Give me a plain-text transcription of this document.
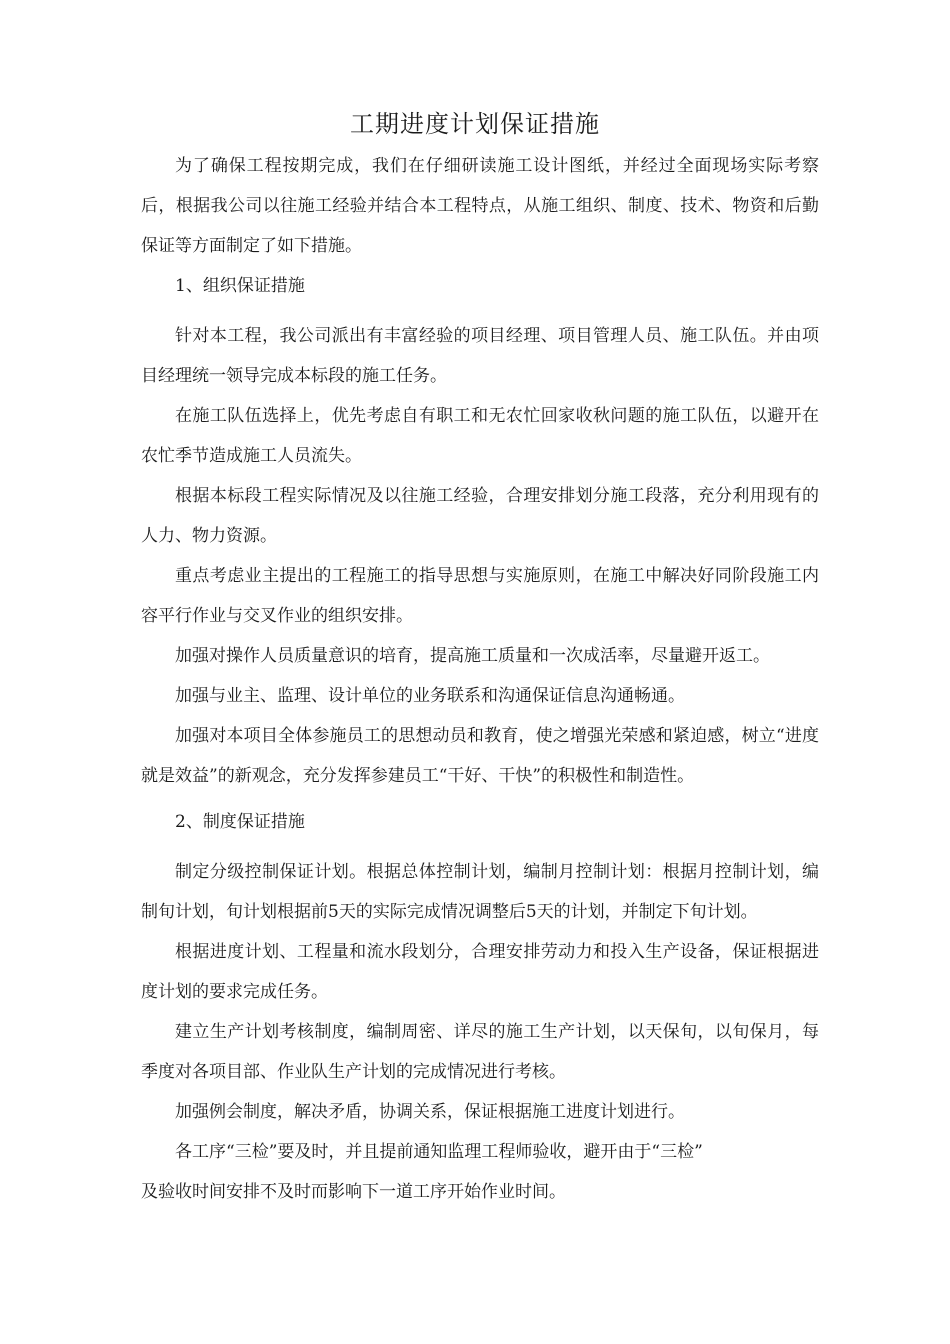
工期进度计划保证措施

为了确保工程按期完成，我们在仔细研读施工设计图纸，并经过全面现场实际考察后，根据我公司以往施工经验并结合本工程特点，从施工组织、制度、技术、物资和后勤保证等方面制定了如下措施。

1、组织保证措施

针对本工程，我公司派出有丰富经验的项目经理、项目管理人员、施工队伍。并由项目经理统一领导完成本标段的施工任务。

在施工队伍选择上，优先考虑自有职工和无农忙回家收秋问题的施工队伍，以避开在农忙季节造成施工人员流失。

根据本标段工程实际情况及以往施工经验，合理安排划分施工段落，充分利用现有的人力、物力资源。

重点考虑业主提出的工程施工的指导思想与实施原则，在施工中解决好同阶段施工内容平行作业与交叉作业的组织安排。

加强对操作人员质量意识的培育，提高施工质量和一次成活率，尽量避开返工。

加强与业主、监理、设计单位的业务联系和沟通保证信息沟通畅通。

加强对本项目全体参施员工的思想动员和教育，使之增强光荣感和紧迫感，树立“进度就是效益”的新观念，充分发挥参建员工“干好、干快”的积极性和制造性。

2、制度保证措施

制定分级控制保证计划。根据总体控制计划，编制月控制计划：根据月控制计划，编制旬计划，旬计划根据前5天的实际完成情况调整后5天的计划，并制定下旬计划。

根据进度计划、工程量和流水段划分，合理安排劳动力和投入生产设备，保证根据进度计划的要求完成任务。

建立生产计划考核制度，编制周密、详尽的施工生产计划，以天保旬，以旬保月，每季度对各项目部、作业队生产计划的完成情况进行考核。

加强例会制度，解决矛盾，协调关系，保证根据施工进度计划进行。

各工序“三检”要及时，并且提前通知监理工程师验收，避开由于“三检”
及验收时间安排不及时而影响下一道工序开始作业时间。
